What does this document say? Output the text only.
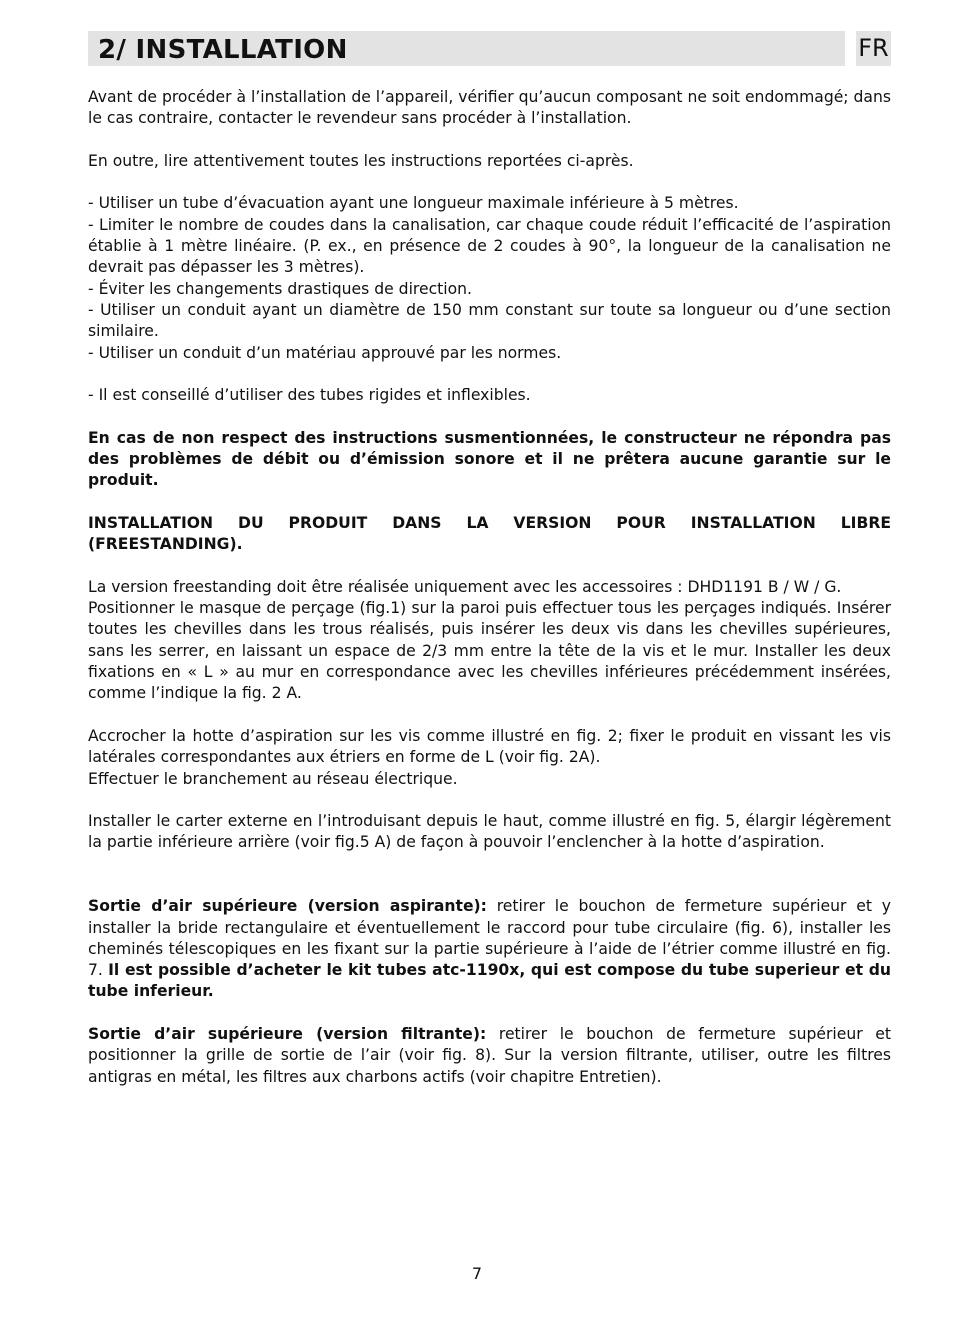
2/ INSTALLATION	FR

Avant de procéder à l’installation de l’appareil, vérifier qu’aucun composant ne soit endommagé; dans le cas contraire, contacter le revendeur sans procéder à l’installation.

En outre, lire attentivement toutes les instructions reportées ci-après.

- Utiliser un tube d’évacuation ayant une longueur maximale inférieure à 5 mètres.

- Limiter le nombre de coudes dans la canalisation, car chaque coude réduit l’efficacité de l’aspiration établie à 1 mètre linéaire. (P. ex., en présence de 2 coudes à 90°, la longueur de la canalisation ne devrait pas dépasser les 3 mètres).

- Éviter les changements drastiques de direction.

- Utiliser un conduit ayant un diamètre de 150 mm constant sur toute sa longueur ou d’une section similaire.

- Utiliser un conduit d’un matériau approuvé par les normes.

- Il est conseillé d’utiliser des tubes rigides et inflexibles.

En cas de non respect des instructions susmentionnées, le constructeur ne répondra pas des problèmes de débit ou d’émission sonore et il ne prêtera aucune garantie sur le produit.

INSTALLATION DU PRODUIT DANS LA VERSION POUR INSTALLATION LIBRE (FREESTANDING).

La version freestanding doit être réalisée uniquement avec les accessoires : DHD1191 B / W / G.

Positionner le masque de perçage (fig.1) sur la paroi puis effectuer tous les perçages indiqués. Insérer toutes les chevilles dans les trous réalisés, puis insérer les deux vis dans les chevilles supérieures, sans les serrer, en laissant un espace de 2/3 mm entre la tête de la vis et le mur. Installer les deux fixations en « L » au mur en correspondance avec les chevilles inférieures précédemment insérées, comme l’indique la fig. 2 A.

Accrocher la hotte d’aspiration sur les vis comme illustré en fig. 2; fixer le produit en vissant les vis latérales correspondantes aux étriers en forme de L (voir fig. 2A).

Effectuer le branchement au réseau électrique.

Installer le carter externe en l’introduisant depuis le haut, comme illustré en fig. 5, élargir légèrement la partie inférieure arrière (voir fig.5 A) de façon à pouvoir l’enclencher à la hotte d’aspiration.

Sortie d’air supérieure (version aspirante): retirer le bouchon de fermeture supérieur et y installer la bride rectangulaire et éventuellement le raccord pour tube circulaire (fig. 6), installer les cheminés télescopiques en les fixant sur la partie supérieure à l’aide de l’étrier comme illustré en fig. 7. Il est possible d’acheter le kit tubes atc-1190x, qui est compose du tube superieur et du tube inferieur.

Sortie d’air supérieure (version filtrante): retirer le bouchon de fermeture supérieur et positionner la grille de sortie de l’air (voir fig. 8). Sur la version filtrante, utiliser, outre les filtres antigras en métal, les filtres aux charbons actifs (voir chapitre Entretien).

7
